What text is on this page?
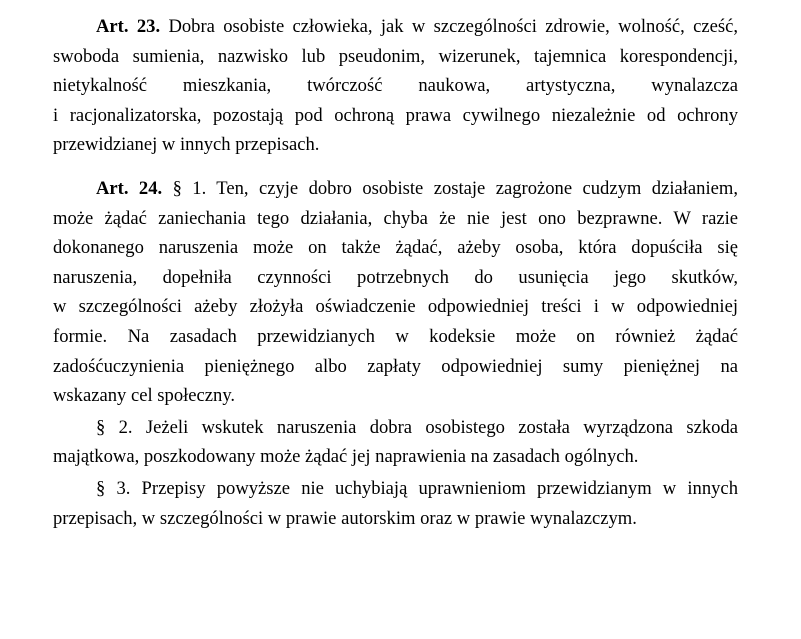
Art. 23. Dobra osobiste człowieka, jak w szczególności zdrowie, wolność, cześć,
swoboda sumienia, nazwisko lub pseudonim, wizerunek, tajemnica korespondencji,
nietykalność mieszkania, twórczość naukowa, artystyczna, wynalazcza
i racjonalizatorska, pozostają pod ochroną prawa cywilnego niezależnie od ochrony
przewidzianej w innych przepisach.
Art. 24. § 1. Ten, czyje dobro osobiste zostaje zagrożone cudzym działaniem,
może żądać zaniechania tego działania, chyba że nie jest ono bezprawne. W razie
dokonanego naruszenia może on także żądać, ażeby osoba, która dopuściła się
naruszenia, dopełniła czynności potrzebnych do usunięcia jego skutków,
w szczególności ażeby złożyła oświadczenie odpowiedniej treści i w odpowiedniej
formie. Na zasadach przewidzianych w kodeksie może on również żądać
zadośćuczynienia pieniężnego albo zapłaty odpowiedniej sumy pieniężnej na
wskazany cel społeczny.
§ 2. Jeżeli wskutek naruszenia dobra osobistego została wyrządzona szkoda
majątkowa, poszkodowany może żądać jej naprawienia na zasadach ogólnych.
§ 3. Przepisy powyższe nie uchybiają uprawnieniom przewidzianym w innych
przepisach, w szczególności w prawie autorskim oraz w prawie wynalazczym.
